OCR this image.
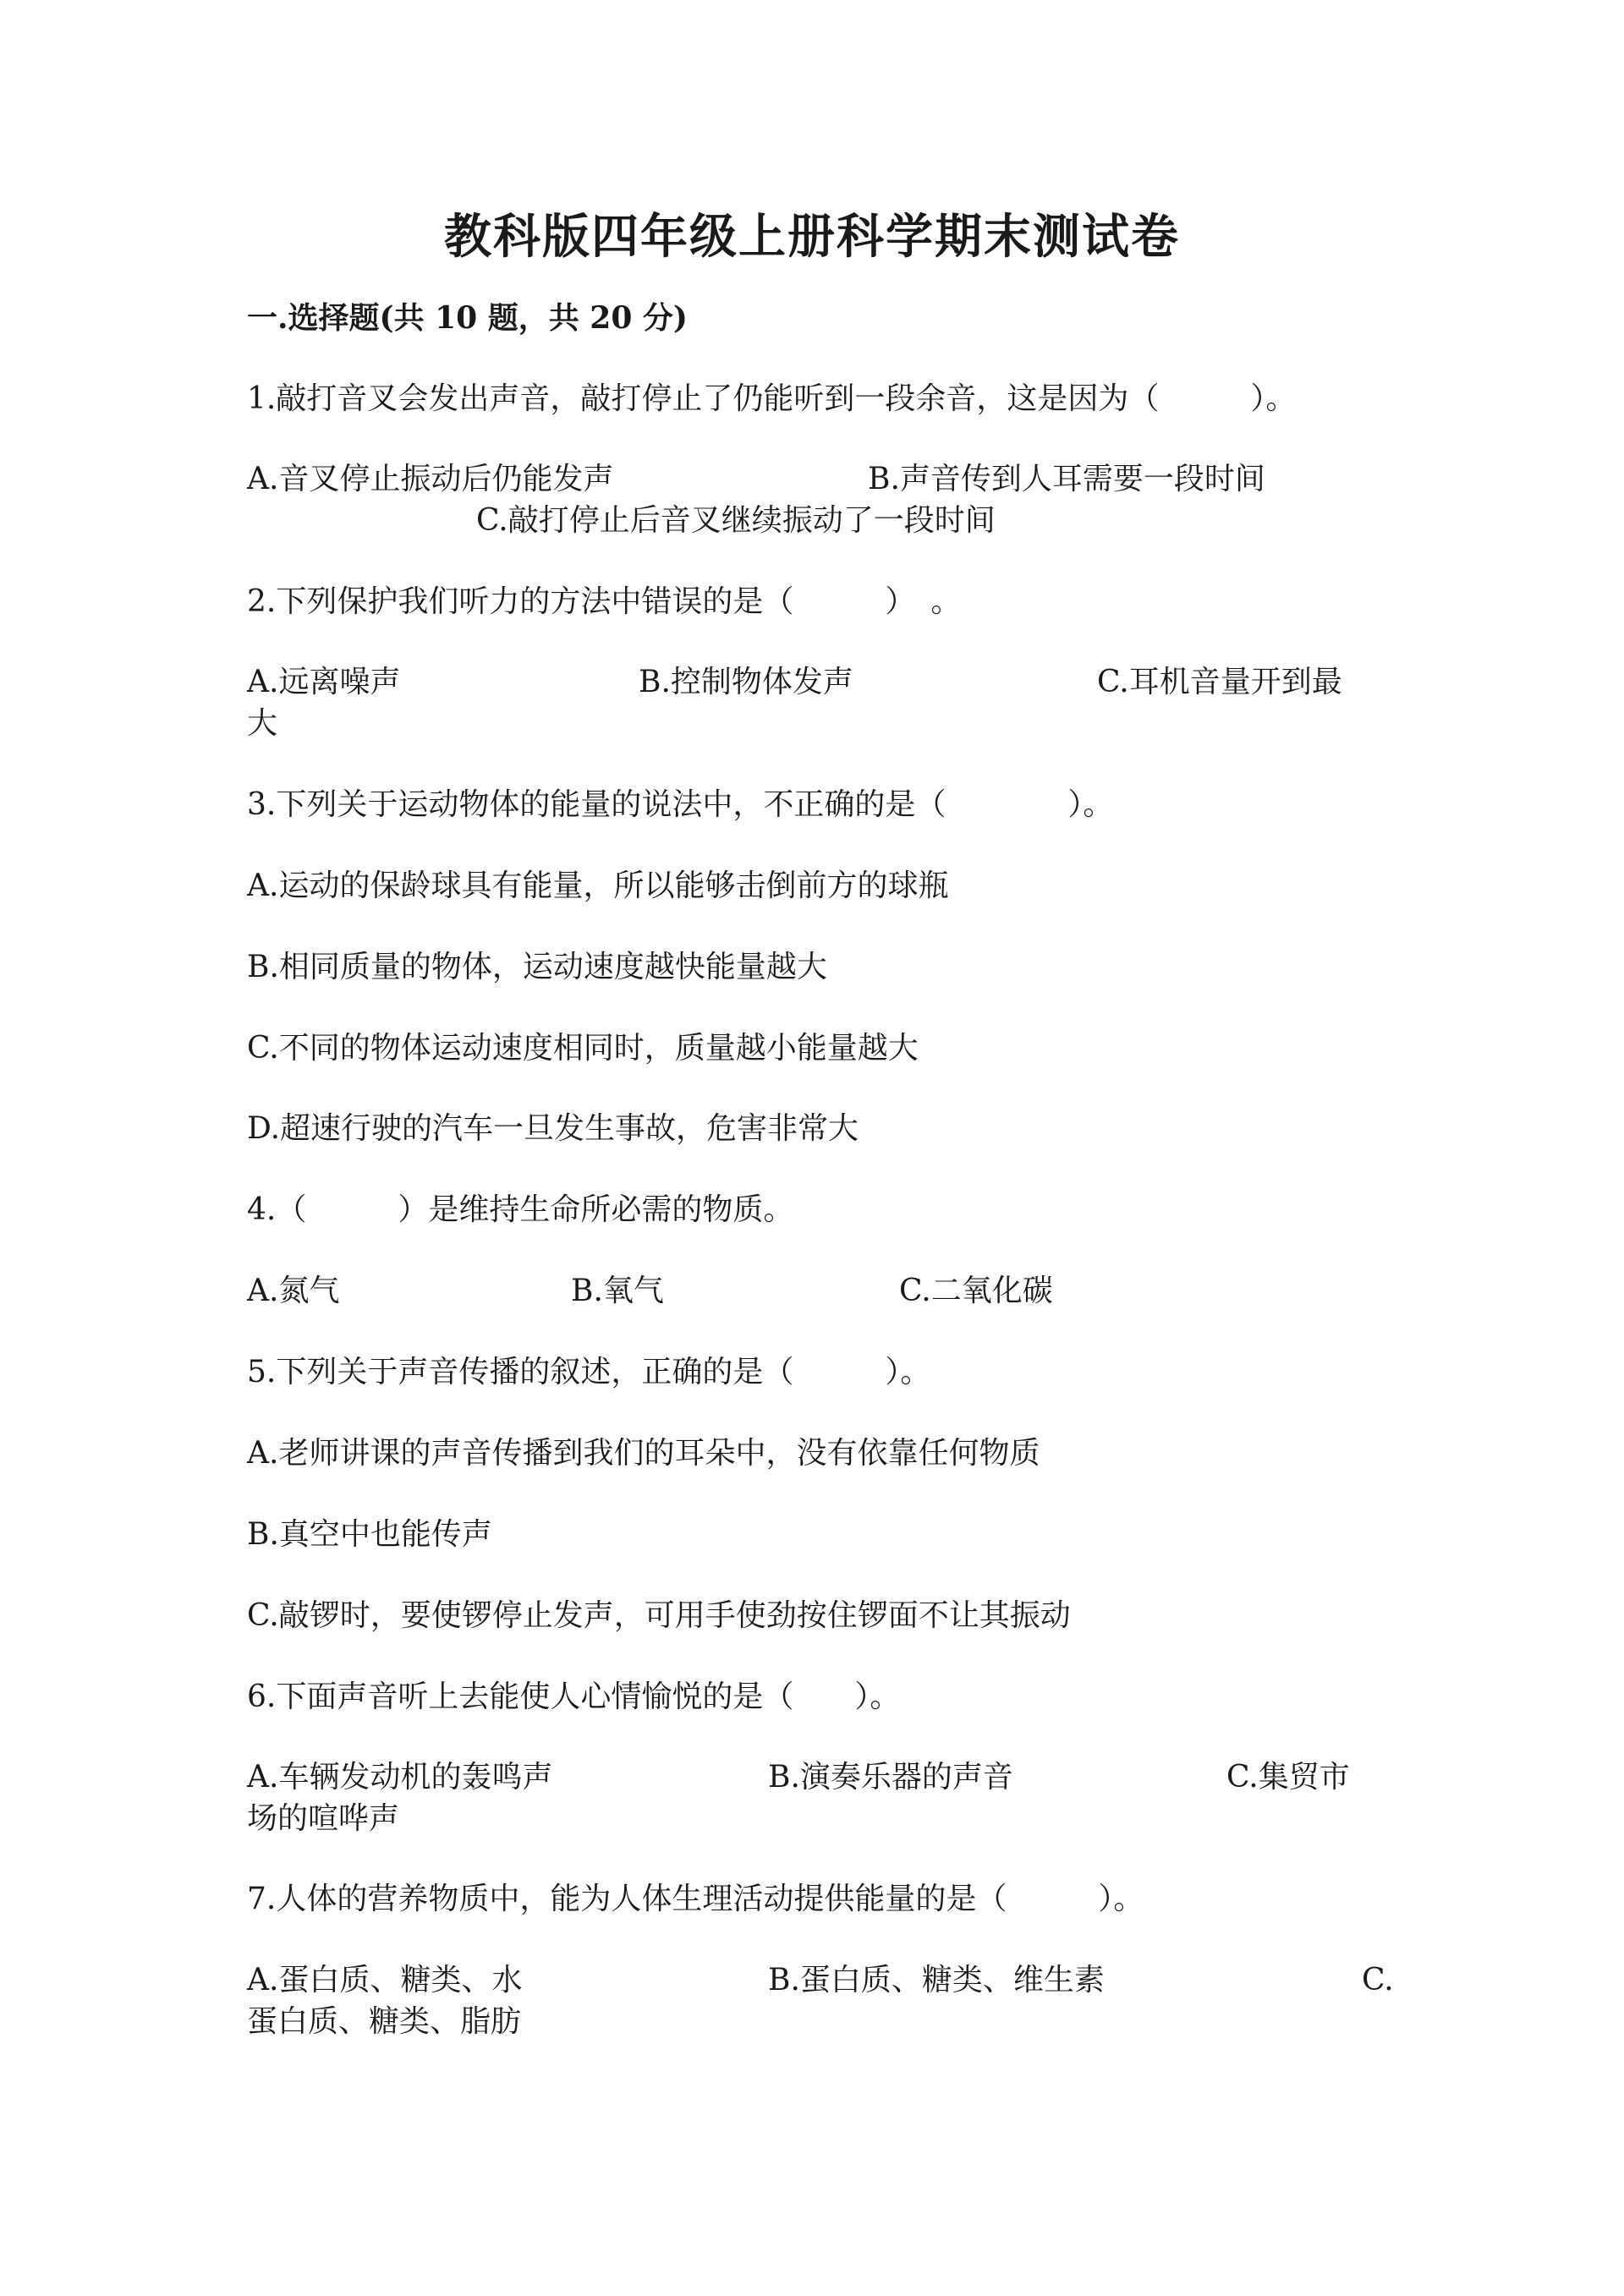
教科版四年级上册科学期末测试卷
一.选择题(共 10 题，共 20 分)
1.敲打音叉会发出声音，敲打停止了仍能听到一段余音，这是因为（　　　）。
A.音叉停止振动后仍能发声	B.声音传到人耳需要一段时间
C.敲打停止后音叉继续振动了一段时间
2.下列保护我们听力的方法中错误的是（　　　）　。
A.远离噪声	B.控制物体发声	C.耳机音量开到最
大
3.下列关于运动物体的能量的说法中，不正确的是（　　　　）。
A.运动的保龄球具有能量，所以能够击倒前方的球瓶
B.相同质量的物体，运动速度越快能量越大
C.不同的物体运动速度相同时，质量越小能量越大
D.超速行驶的汽车一旦发生事故，危害非常大
4.（　　　）是维持生命所必需的物质。
A.氮气	B.氧气	C.二氧化碳
5.下列关于声音传播的叙述，正确的是（　　　）。
A.老师讲课的声音传播到我们的耳朵中，没有依靠任何物质
B.真空中也能传声
C.敲锣时，要使锣停止发声，可用手使劲按住锣面不让其振动
6.下面声音听上去能使人心情愉悦的是（　　）。
A.车辆发动机的轰鸣声	B.演奏乐器的声音	C.集贸市
场的喧哗声
7.人体的营养物质中，能为人体生理活动提供能量的是（　　　）。
A.蛋白质、糖类、水	B.蛋白质、糖类、维生素	C.
蛋白质、糖类、脂肪
